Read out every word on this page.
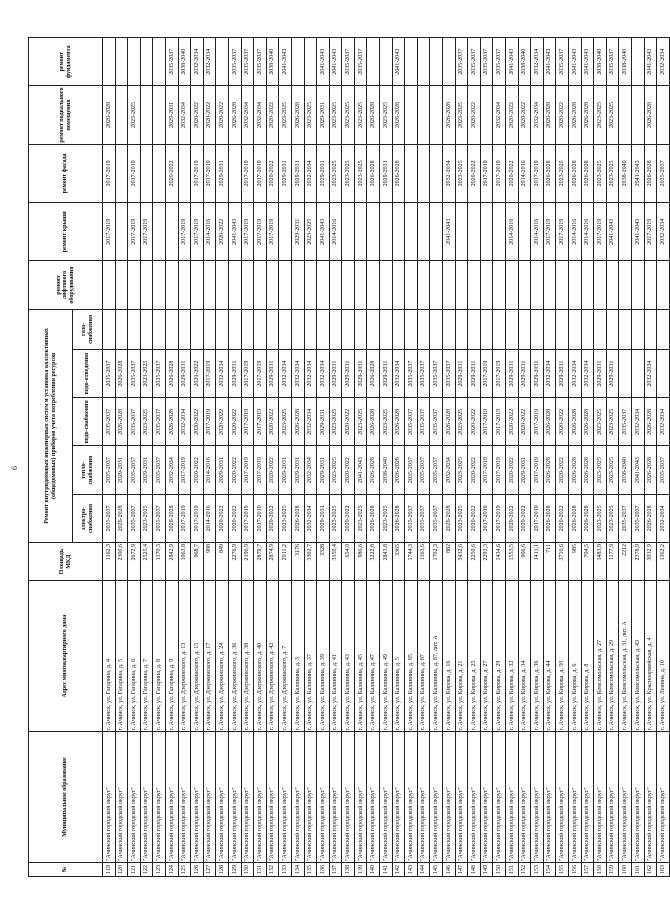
6
№	Муниципальное образование	Адрес многоквартирного дома	Площадь МКД	Ремонт внутридомовых инженерных систем и установка коллективных (общедомовых) приборов учета потребления ресурсов					ремонт лифтового оборудования	ремонт крыши	ремонт фасада	ремонт подвального помещения	ремонт фундамента
				электро-снабжения	тепло-снабжения	водо-снабжения	водо-отведения	газо-снабжения					
119	"Ачинский городской округ"	г. Ачинск, ул. Гагарина, д. 4	1162,3	2035-2037	2035-2037	2035-2037	2035-2037			2017-2019	2017-2019	2026-2028	
120	"Ачинский городской округ"	г. Ачинск, ул. Гагарина, д. 5	2300,6	2026-2028	2029-2031	2026-2028	2026-2028						
121	"Ачинский городской округ"	г. Ачинск, ул. Гагарина, д. 6	2672,9	2035-2037	2035-2037	2035-2037	2035-2037			2017-2019	2017-2019	2023-2025	
122	"Ачинский городской округ"	г. Ачинск, ул. Гагарина, д. 7	2525,4	2023-2025	2029-2031	2023-2025	2023-2025			2017-2019			
123	"Ачинский городской округ"	г. Ачинск, ул. Гагарина, д. 8	1170,3	2035-2037	2035-2037	2035-2037	2035-2037						
124	"Ачинский городской округ"	г. Ачинск, ул. Гагарина, д. 9	2842,9	2026-2028	2032-2034	2026-2028	2026-2028				2020-2022	2029-2031	2035-2037
125	"Ачинский городской округ"	г. Ачинск, ул. Дзержинского, д. 13	1063,8	2017-2019	2017-2019	2032-2034	2029-2031			2017-2019		2032-2034	2038-2040
126	"Ачинский городской округ"	г. Ачинск, ул. Дзержинского, д. 15	968,7	2017-2019	2020-2022	2020-2022	2020-2022			2017-2019	2017-2019	2020-2022	2032-2034
127	"Ачинский городской округ"	г. Ачинск, ул. Дзержинского, д. 17	988	2014-2016	2014-2016	2017-2019	2017-2019			2014-2016	2017-2019	2020-2022	2032-2034
128	"Ачинский городской округ"	г. Ачинск, ул. Дзержинского, д. 24	849	2020-2022	2029-2031	2020-2022	2032-2034			2020-2022	2029-2031	2020-2022	
129	"Ачинский городской округ"	г. Ачинск, ул. Дзержинского, д. 36	2276,9	2020-2022	2020-2022	2020-2022	2029-2031			2041-2043		2026-2028	2035-2037
130	"Ачинский городской округ"	г. Ачинск, ул. Дзержинского, д. 38	2196,9	2017-2019	2017-2019	2017-2019	2017-2019			2017-2019	2017-2019	2032-2034	2035-2037
131	"Ачинский городской округ"	г. Ачинск, ул. Дзержинского, д. 40	2879,7	2017-2019	2017-2019	2017-2019	2017-2019			2017-2019	2017-2019	2032-2034	2035-2037
132	"Ачинский городской округ"	г. Ачинск, ул. Дзержинского, д. 42	2874,9	2020-2022	2020-2022	2020-2022	2029-2031			2017-2019	2020-2022	2020-2022	2038-2040
133	"Ачинский городской округ"	г. Ачинск, ул. Дзержинского, д. 7	2911,2	2023-2025	2029-2031	2023-2025	2032-2034				2029-2031	2023-2025	2041-2043
134	"Ачинский городской округ"	г. Ачинск, ул. Калинина, д. 3	3176	2026-2028	2029-2031	2026-2028	2032-2034			2029-2031	2029-2031	2026-2028	
135	"Ачинский городской округ"	г. Ачинск, ул. Калинина, д. 37	3302,7	2032-2034	2032-2034	2032-2034	2032-2034			2023-2025	2032-2034	2023-2025	
136	"Ачинский городской округ"	г. Ачинск, ул. Калинина, д. 39	3328	2029-2031	2029-2031	2029-2031	2032-2034			2041-2043	2029-2031	2029-2031	2041-2043
137	"Ачинский городской округ"	г. Ачинск, ул. Калинина, д. 41	3150,4	2023-2025	2023-2025	2023-2025	2029-2031			2014-2016	2023-2025	2023-2025	2041-2043
138	"Ачинский городской округ"	г. Ачинск, ул. Калинина, д. 43	654,9	2020-2022	2020-2022	2020-2022	2029-2031				2023-2025	2023-2025	2035-2037
139	"Ачинский городской округ"	г. Ачинск, ул. Калинина, д. 45	986,6	2023-2025	2041-2043	2023-2025	2029-2031				2023-2025	2023-2025	2035-2037
140	"Ачинский городской округ"	г. Ачинск, ул. Калинина, д. 47	3222,8	2026-2028	2026-2028	2026-2028	2026-2028				2026-2028	2026-2028	
141	"Ачинский городской округ"	г. Ачинск, ул. Калинина, д. 49	2843,8	2023-2025	2038-2040	2023-2025	2029-2031				2029-2031	2023-2025	
142	"Ачинский городской округ"	г. Ачинск, ул. Калинина, д. 5	3365	2026-2028	2026-2028	2026-2028	2032-2034				2026-2028	2026-2028	2041-2043
143	"Ачинский городской округ"	г. Ачинск, ул. Калинина, д. 85	1744,3	2035-2037	2035-2037	2035-2037	2035-2037						
144	"Ачинский городской округ"	г. Ачинск, ул. Калинина, д. 87	1163,6	2035-2037	2035-2037	2035-2037	2035-2037						
145	"Ачинский городской округ"	г. Ачинск, ул. Калинина, д. 87, лит. А	1702,3	2035-2037	2035-2037	2035-2037	2035-2037						
146	"Ачинский городской округ"	г. Ачинск, ул. Кирова, д. 16	882	2026-2028	2032-2034	2026-2028	2035-2037			2041-2043	2032-2034	2026-2028	
147	"Ачинский городской округ"	г. Ачинск, ул. Кирова, д. 21	3432,6	2023-2025	2023-2025	2023-2025	2029-2031				2023-2025	2023-2025	2035-2037
148	"Ачинский городской округ"	г. Ачинск, ул. Кирова, д. 25	2250,6	2020-2022	2020-2022	2020-2022	2029-2031				2020-2022	2020-2022	2035-2037
149	"Ачинский городской округ"	г. Ачинск, ул. Кирова, д. 27	2293,3	2017-2019	2017-2019	2017-2019	2017-2019				2017-2019		2035-2037
150	"Ачинский городской округ"	г. Ачинск, ул. Кирова, д. 29	1434,6	2017-2019	2017-2019	2017-2019	2017-2019				2017-2019	2032-2034	2035-2037
151	"Ачинский городской округ"	г. Ачинск, ул. Кирова, д. 32	1553,5	2020-2022	2020-2022	2020-2022	2029-2031			2014-2016	2020-2022	2020-2022	2041-2043
152	"Ачинский городской округ"	г. Ачинск, ул. Кирова, д. 34	966,6	2020-2022	2029-2031	2020-2022	2029-2031				2014-2016	2020-2022	2038-2040
153	"Ачинский городской округ"	г. Ачинск, ул. Кирова, д. 36	1411,1	2017-2019	2017-2019	2017-2019	2029-2031			2014-2016	2017-2019	2032-2034	2032-2034
154	"Ачинский городской округ"	г. Ачинск, ул. Кирова, д. 44	711	2026-2028	2026-2028	2026-2028	2032-2034			2017-2019	2026-2028	2026-2028	2041-2043
155	"Ачинский городской округ"	г. Ачинск, ул. Кирова, д. 50	3716,6	2020-2022	2020-2022	2020-2022	2029-2031			2017-2019	2023-2025	2020-2022	2035-2037
156	"Ачинский городской округ"	г. Ачинск, ул. Кирова, д. 6	985	2026-2028	2026-2028	2026-2028	2032-2034			2014-2016	2026-2028	2026-2028	2041-2043
157	"Ачинский городской округ"	г. Ачинск, ул. Кирова, д. 8	704,5	2026-2028	2026-2028	2026-2028	2032-2034			2014-2016	2026-2028	2026-2028	2041-2043
158	"Ачинский городской округ"	г. Ачинск, ул. Комсомольская, д. 27	1483,9	2023-2025	2023-2025	2023-2025	2029-2031			2017-2019	2023-2025	2023-2025	2038-2040
159	"Ачинский городской округ"	г. Ачинск, ул. Комсомольская, д. 29	1177,9	2023-2025	2023-2025	2023-2025	2029-2031			2041-2043	2023-2025	2023-2025	2035-2037
160	"Ачинский городской округ"	г. Ачинск, ул. Комсомольская, д. 31, лит. А	2212	2035-2037	2038-2040	2035-2037					2038-2040		2038-2040
161	"Ачинский городской округ"	г. Ачинск, ул. Комсомольская, д. 43	2378,9	2035-2037	2041-2043	2032-2034				2041-2043	2041-2043		
162	"Ачинский городской округ"	г. Ачинск, ул. Красноармейская, д. 4	3032,9	2026-2028	2026-2028	2026-2028	2032-2034			2017-2019	2026-2028	2026-2028	2041-2043
163	"Ачинский городской округ"	г. Ачинск, ул. Ленина, д. 10	1362,2	2032-2034	2035-2037	2032-2034				2032-2034	2035-2037		2032-2034
